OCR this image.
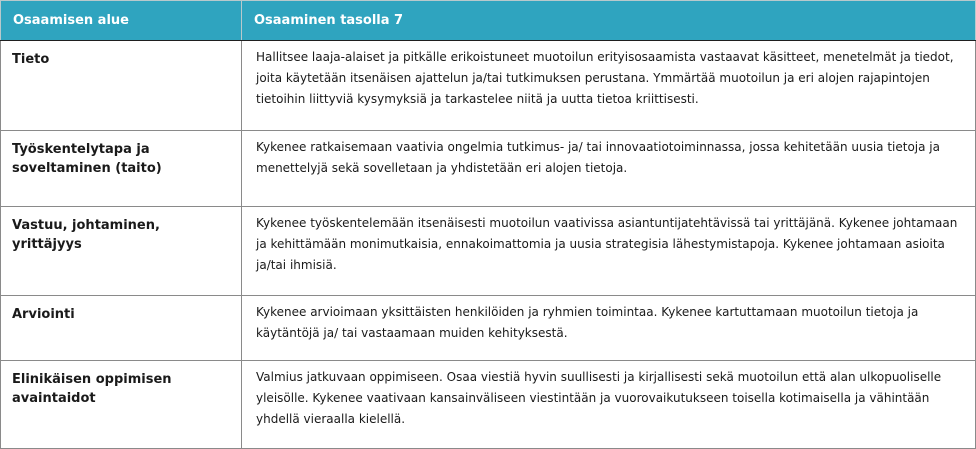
Osaamisen alue	Osaaminen tasolla 7
Tieto	Hallitsee laaja-alaiset ja pitkälle erikoistuneet muotoilun erityisosaamista vastaavat käsitteet, menetelmät ja tiedot, joita käytetään itsenäisen ajattelun ja/tai tutkimuksen perustana. Ymmärtää muotoilun ja eri alojen rajapintojen tietoihin liittyviä kysymyksiä ja tarkastelee niitä ja uutta tietoa kriittisesti.
Työskentelytapa ja soveltaminen (taito)	Kykenee ratkaisemaan vaativia ongelmia tutkimus- ja/ tai innovaatiotoiminnassa, jossa kehitetään uusia tietoja ja menettelyjä sekä sovelletaan ja yhdistetään eri alojen tietoja.
Vastuu, johtaminen, yrittäjyys	Kykenee työskentelemään itsenäisesti muotoilun vaativissa asiantuntijatehtävissä tai yrittäjänä. Kykenee johtamaan ja kehittämään monimutkaisia, ennakoimattomia ja uusia strategisia lähestymistapoja. Kykenee johtamaan asioita ja/tai ihmisiä.
Arviointi	Kykenee arvioimaan yksittäisten henkilöiden ja ryhmien toimintaa. Kykenee kartuttamaan muotoilun tietoja ja käytäntöjä ja/ tai vastaamaan muiden kehityksestä.
Elinikäisen oppimisen avaintaidot	Valmius jatkuvaan oppimiseen. Osaa viestiä hyvin suullisesti ja kirjallisesti sekä muotoilun että alan ulkopuoliselle yleisölle. Kykenee vaativaan kansainväliseen viestintään ja vuorovaikutukseen toisella kotimaisella ja vähintään yhdellä vieraalla kielellä.
